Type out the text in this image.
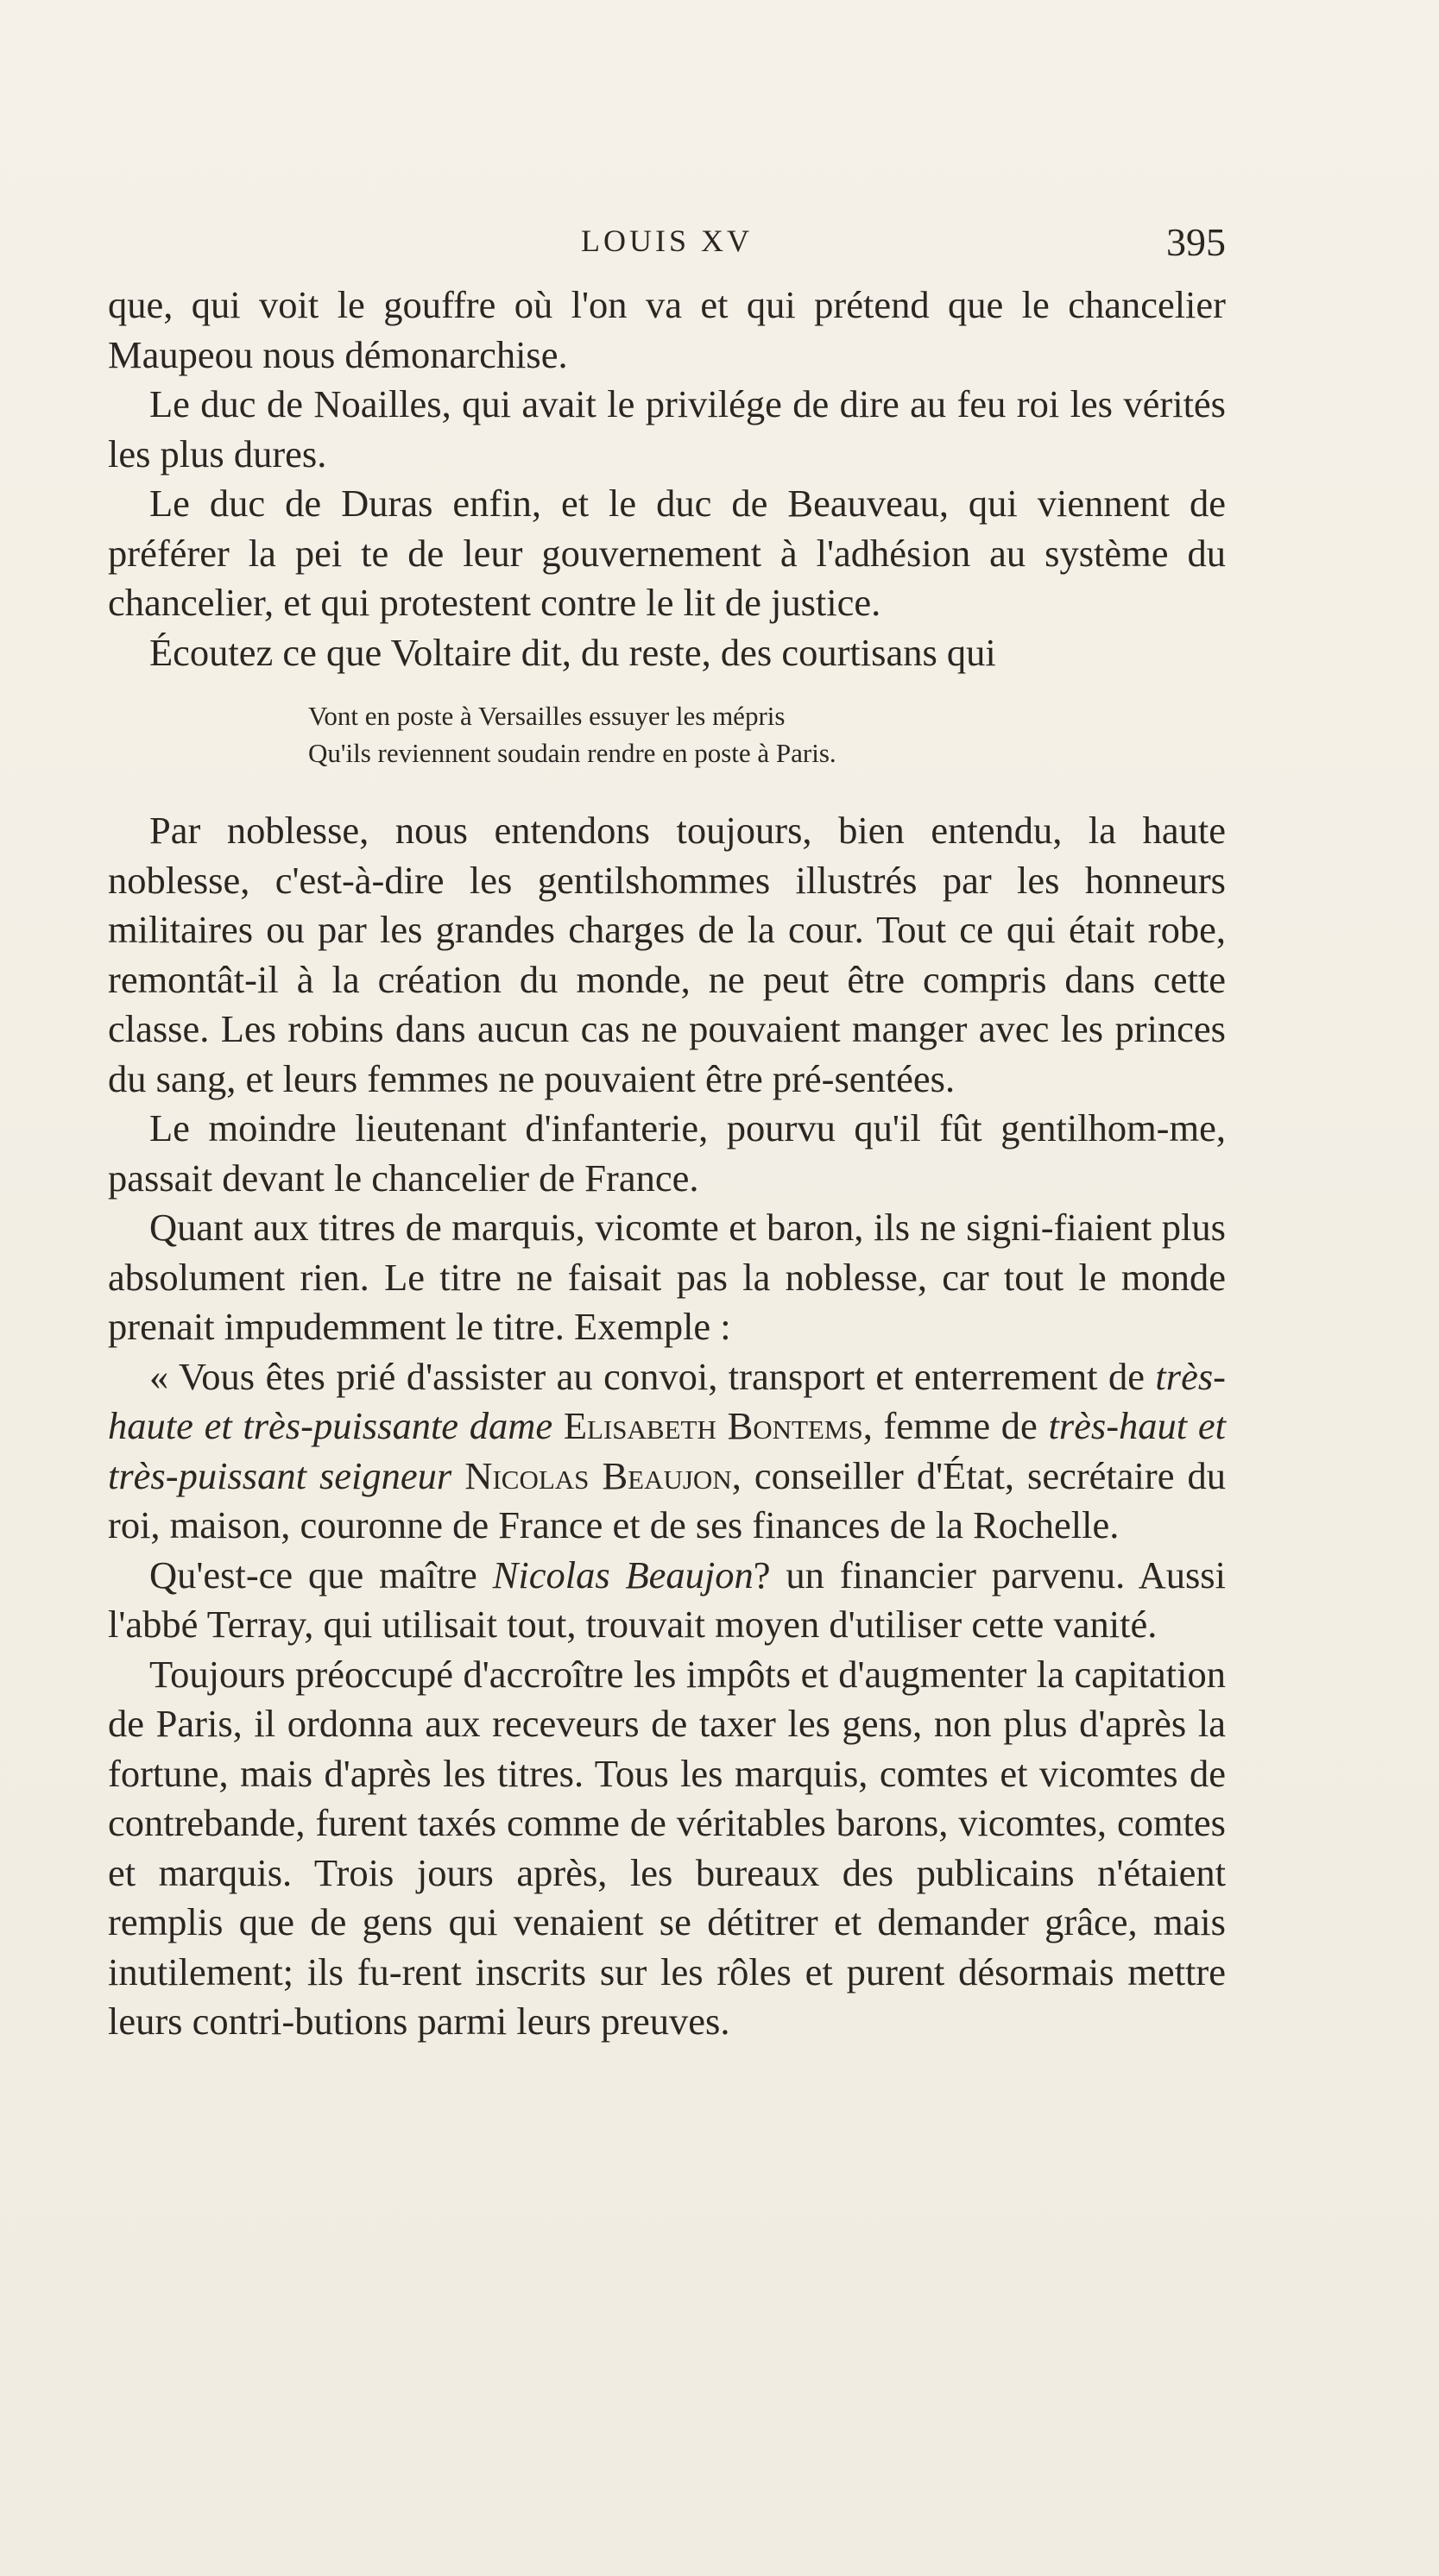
LOUIS XV	395

que, qui voit le gouffre où l'on va et qui prétend que le chancelier Maupeou nous démonarchise.

Le duc de Noailles, qui avait le privilége de dire au feu roi les vérités les plus dures.

Le duc de Duras enfin, et le duc de Beauveau, qui viennent de préférer la pei te de leur gouvernement à l'adhésion au système du chancelier, et qui protestent contre le lit de justice.

Écoutez ce que Voltaire dit, du reste, des courtisans qui

Vont en poste à Versailles essuyer les mépris
Qu'ils reviennent soudain rendre en poste à Paris.

Par noblesse, nous entendons toujours, bien entendu, la haute noblesse, c'est-à-dire les gentilshommes illustrés par les honneurs militaires ou par les grandes charges de la cour. Tout ce qui était robe, remontât-il à la création du monde, ne peut être compris dans cette classe. Les robins dans aucun cas ne pouvaient manger avec les princes du sang, et leurs femmes ne pouvaient être pré-sentées.

Le moindre lieutenant d'infanterie, pourvu qu'il fût gentilhom-me, passait devant le chancelier de France.

Quant aux titres de marquis, vicomte et baron, ils ne signi-fiaient plus absolument rien. Le titre ne faisait pas la noblesse, car tout le monde prenait impudemment le titre. Exemple :

« Vous êtes prié d'assister au convoi, transport et enterrement de très-haute et très-puissante dame Elisabeth Bontems, femme de très-haut et très-puissant seigneur Nicolas Beaujon, conseiller d'État, secrétaire du roi, maison, couronne de France et de ses finances de la Rochelle.

Qu'est-ce que maître Nicolas Beaujon? un financier parvenu. Aussi l'abbé Terray, qui utilisait tout, trouvait moyen d'utiliser cette vanité.

Toujours préoccupé d'accroître les impôts et d'augmenter la capitation de Paris, il ordonna aux receveurs de taxer les gens, non plus d'après la fortune, mais d'après les titres. Tous les marquis, comtes et vicomtes de contrebande, furent taxés comme de véritables barons, vicomtes, comtes et marquis. Trois jours après, les bureaux des publicains n'étaient remplis que de gens qui venaient se détitrer et demander grâce, mais inutilement; ils fu-rent inscrits sur les rôles et purent désormais mettre leurs contri-butions parmi leurs preuves.
